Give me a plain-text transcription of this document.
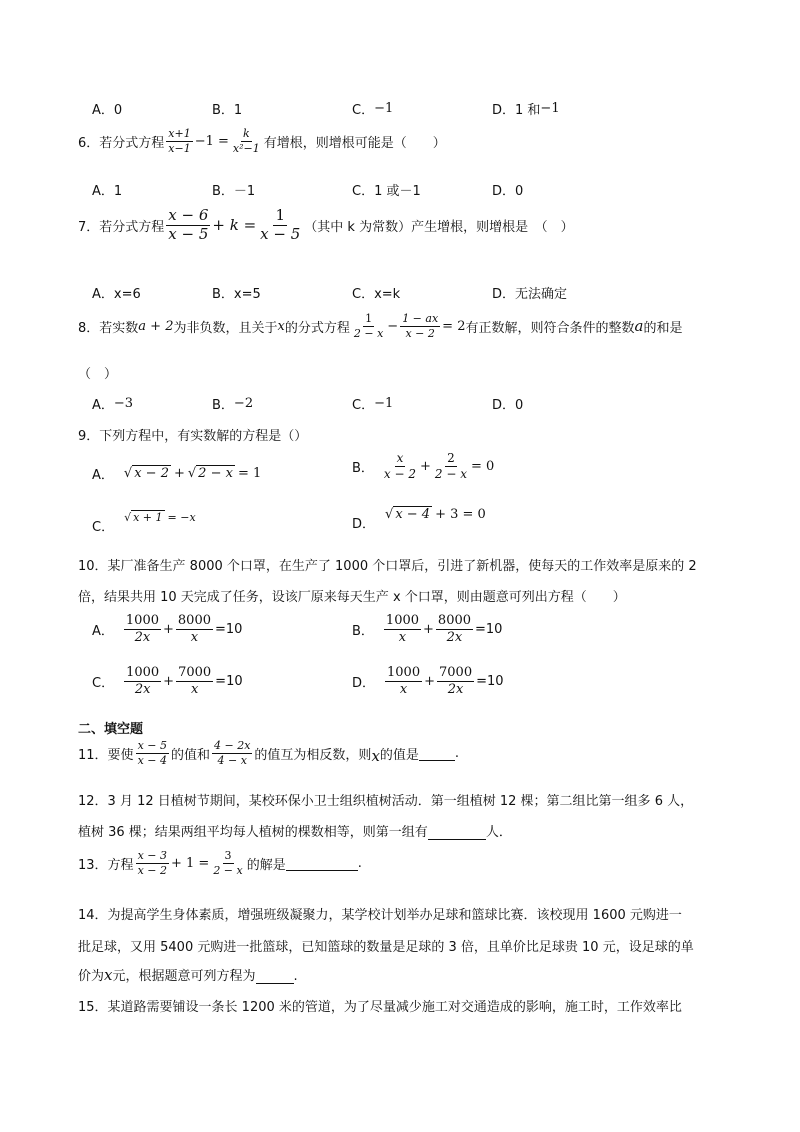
A．0	B．1	C． −1	D．1 和 −1
6． 若分式方程 $\frac{x+1}{x-1} -1 = \frac{k}{\text{x²−1}}$ 有增根，则增根可能是（　　）
A．1	B．－1	C．1 或－1	D．0
7． 若分式方程 $\frac{x - 6}{x - 5} + k = \frac{1}{x - 5}$ （其中 k 为常数）产生增根，则增根是　（　）
A．x=6	B．x=5	C．x=k	D．无法确定
8． 若实数 a + 2 为非负数，且关于 x 的分式方程 $\frac{1}{2 - x} - \frac{1 - ax}{x - 2} = 2$ 有正数解，则符合条件的整数 a 的和是
（　）
A． −3	B． −2	C． −1	D．0
9．下列方程中，有实数解的方程是（）
A． √ x − 2 + √ 2 − x = 1	B． $\frac{x}{x - 2} + \frac{2}{2 - x} = 0$
C．
√ x + 1 = −x	D．
√ x − 4 + 3 = 0
10．某厂准备生产 8000 个口罩，在生产了 1000 个口罩后，引进了新机器，使每天的工作效率是原来的 2
倍，结果共用 10 天完成了任务，设该厂原来每天生产 x 个口罩，则由题意可列出方程（　　）
A． $\frac{1000}{2x} + \frac{8000}{x} =10$	B． $\frac{1000}{x} + \frac{8000}{2x} =10$
C． $\frac{1000}{2x} + \frac{7000}{x} =10$	D． $\frac{1000}{x} + \frac{7000}{2x} =10$
二、填空题
11． 要使 $\frac{x - 5}{x - 4}$ 的值和 $\frac{4 - 2x}{4 - x}$ 的值互为相反数，则 x 的值是	.
12．3 月 12 日植树节期间，某校环保小卫士组织植树活动．第一组植树 12 棵；第二组比第一组多 6 人，
植树 36 棵；结果两组平均每人植树的棵数相等，则第一组有	人．
13． 方程 $\frac{x - 3}{x - 2} + 1 = \frac{3}{2 - x}$ 的解是	.
14．为提高学生身体素质，增强班级凝聚力，某学校计划举办足球和篮球比赛．该校现用 1600 元购进一
批足球，又用 5400 元购进一批篮球，已知篮球的数量是足球的 3 倍，且单价比足球贵 10 元，设足球的单
价为x元，根据题意可列方程为	.
15．某道路需要铺设一条长 1200 米的管道，为了尽量减少施工对交通造成的影响，施工时，工作效率比
